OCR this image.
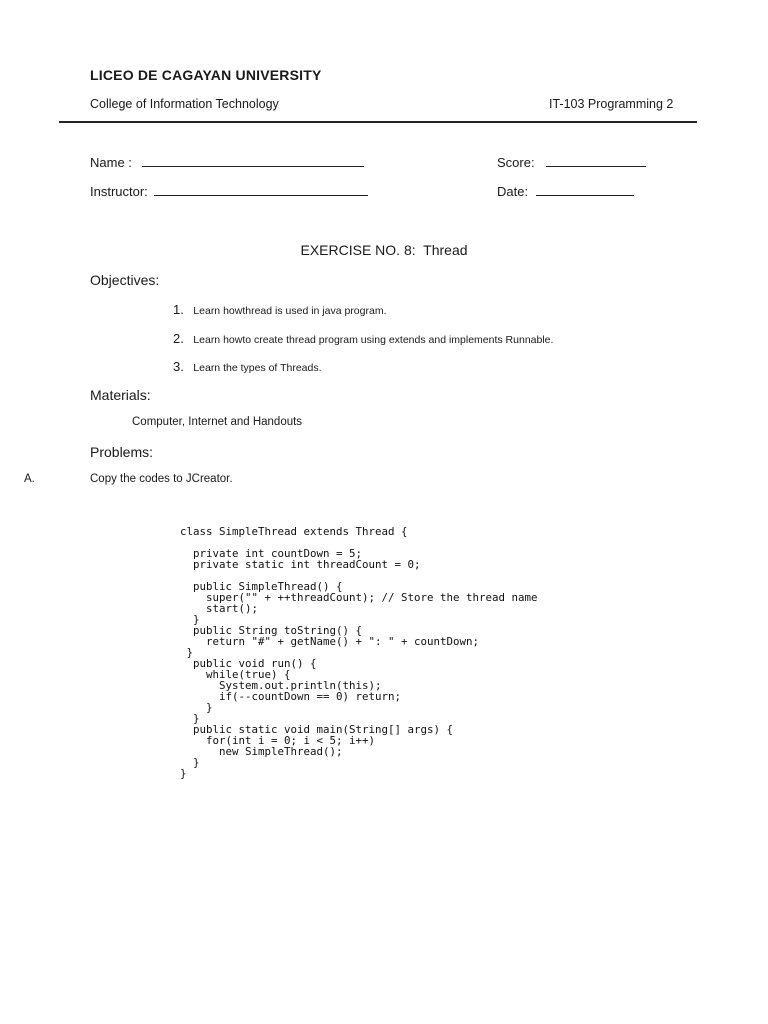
LICEO DE CAGAYAN UNIVERSITY
College of Information Technology	IT-103 Programming 2
Name :
Instructor:
Score:
Date:
EXERCISE NO. 8:  Thread
Objectives:
1. Learn howthread is used in java program.
2. Learn howto create thread program using extends and implements Runnable.
3. Learn the types of Threads.
Materials:
Computer, Internet and Handouts
Problems:
A.	Copy the codes to JCreator.
class SimpleThread extends Thread {
private int countDown = 5;
private static int threadCount = 0;
public SimpleThread() {
super("" + ++threadCount); // Store the thread name
start();
}
public String toString() {
return "#" + getName() + ": " + countDown;
}
public void run() {
while(true) {
System.out.println(this);
if(--countDown == 0) return;
}
}
public static void main(String[] args) {
for(int i = 0; i < 5; i++)
new SimpleThread();
}
}
